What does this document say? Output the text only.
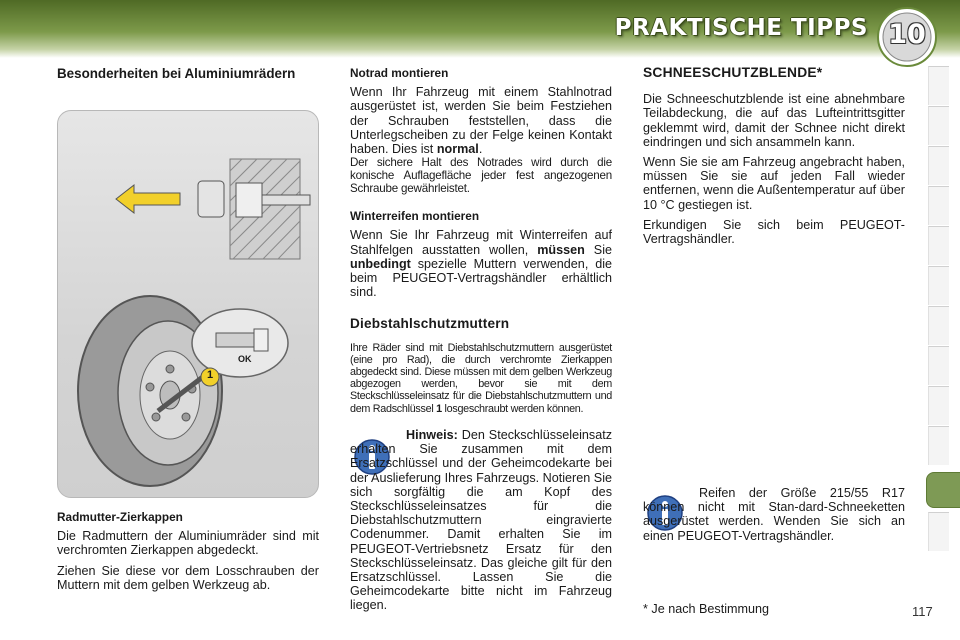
PRAKTISCHE TIPPS 10
Besonderheiten bei Aluminiumrädern
1
OK
Radmutter-Zierkappen

Die Radmuttern der Aluminiumräder sind mit verchromten Zierkappen abgedeckt.

Ziehen Sie diese vor dem Losschrauben der Muttern mit dem gelben Werkzeug ab.

Notrad montieren

Wenn Ihr Fahrzeug mit einem Stahlnotrad ausgerüstet ist, werden Sie beim Festziehen der Schrauben feststellen, dass die Unterlegscheiben zu der Felge keinen Kontakt haben. Dies ist normal.

Der sichere Halt des Notrades wird durch die konische Auflagefläche jeder fest angezogenen Schraube gewährleistet.

Winterreifen montieren

Wenn Sie Ihr Fahrzeug mit Winterreifen auf Stahlfelgen ausstatten wollen, müssen Sie unbedingt spezielle Muttern verwenden, die beim PEUGEOT-Vertragshändler erhältlich sind.

Diebstahlschutzmuttern

Ihre Räder sind mit Diebstahlschutzmuttern ausgerüstet (eine pro Rad), die durch verchromte Zierkappen abgedeckt sind. Diese müssen mit dem gelben Werkzeug abgezogen werden, bevor sie mit dem Steckschlüsseleinsatz für die Diebstahlschutzmuttern und dem Radschlüssel 1 losgeschraubt werden können.

Hinweis: Den Steckschlüsseleinsatz erhalten Sie zusammen mit dem Ersatzschlüssel und der Geheimcodekarte bei der Auslieferung Ihres Fahrzeugs. Notieren Sie sich sorgfältig die am Kopf des Steckschlüsseleinsatzes für die Diebstahlschutzmuttern eingravierte Codenummer. Damit erhalten Sie im PEUGEOT-Vertriebsnetz Ersatz für den Steckschlüsseleinsatz. Das gleiche gilt für den Ersatzschlüssel. Lassen Sie die Geheimcodekarte bitte nicht im Fahrzeug liegen.

SCHNEESCHUTZBLENDE*

Die Schneeschutzblende ist eine abnehmbare Teilabdeckung, die auf das Lufteintrittsgitter geklemmt wird, damit der Schnee nicht direkt eindringen und sich ansammeln kann.

Wenn Sie sie am Fahrzeug angebracht haben, müssen Sie sie auf jeden Fall wieder entfernen, wenn die Außentemperatur auf über 10 °C gestiegen ist.

Erkundigen Sie sich beim PEUGEOT-Vertragshändler.

Reifen der Größe 215/55 R17 können nicht mit Stan-dard-Schneeketten ausgerüstet werden. Wenden Sie sich an einen PEUGEOT-Vertragshändler.

* Je nach Bestimmung	117
